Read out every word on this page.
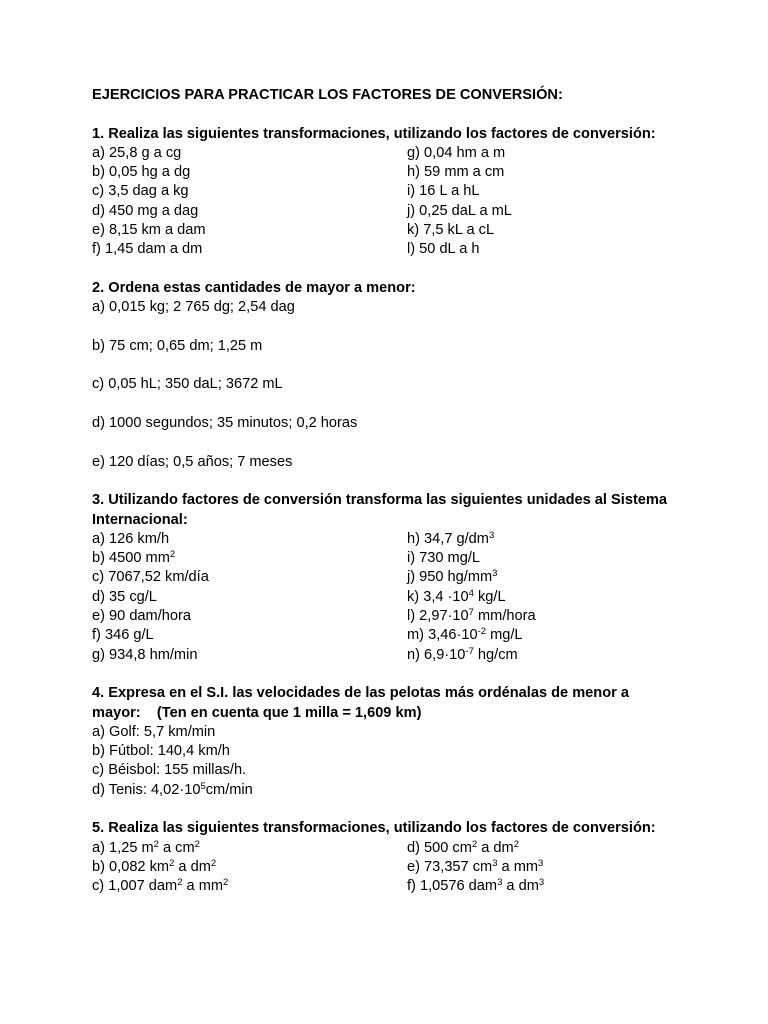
EJERCICIOS PARA PRACTICAR LOS FACTORES DE CONVERSIÓN:
1. Realiza las siguientes transformaciones, utilizando los factores de conversión:
a) 25,8 g a cg	g) 0,04 hm a m
b) 0,05 hg a dg	h) 59 mm a cm
c) 3,5 dag a kg	i) 16 L a hL
d) 450 mg a dag	j) 0,25 daL a mL
e) 8,15 km a dam	k) 7,5 kL a cL
f) 1,45 dam a dm	l) 50 dL a h
2. Ordena estas cantidades de mayor a menor:
a) 0,015 kg; 2 765 dg; 2,54 dag
b) 75 cm; 0,65 dm; 1,25 m
c) 0,05 hL; 350 daL; 3672 mL
d) 1000 segundos; 35 minutos; 0,2 horas
e) 120 días; 0,5 años; 7 meses
3. Utilizando factores de conversión transforma las siguientes unidades al Sistema Internacional:
a) 126 km/h	h) 34,7 $g/dm^3$
b) 4500 $mm^2$	i) 730 mg/L
c) 7067,52 km/día	j) 950 $hg/mm^3$
d) 35 cg/L	k) $3,4 \cdot 10^4$ kg/L
e) 90 dam/hora	l) $2,97\cdot 10^7$ mm/hora
f) 346 g/L	m) $3,46\cdot 10^{-2}$ mg/L
g) 934,8 hm/min	n) $6,9\cdot 10^{-7}$ hg/cm
4. Expresa en el S.I. las velocidades de las pelotas más ordénalas de menor a mayor: (Ten en cuenta que 1 milla = 1,609 km)
a) Golf: 5,7 km/min
b) Fútbol: 140,4 km/h
c) Béisbol: 155 millas/h.
d) Tenis: $4,02\cdot 10^5cm/\min$
5. Realiza las siguientes transformaciones, utilizando los factores de conversión:
a) 1,25 $m^2$ a $cm^2$	d) 500 $cm^2$ a $dm^2$
b) 0,082 $km^2$ a $dm^2$	e) 73,357 $cm^3$ a $mm^3$
c) 1,007 dam$^2$ a $mm^2$	f) 1,0576 dam$^3$ a $dm^3$
